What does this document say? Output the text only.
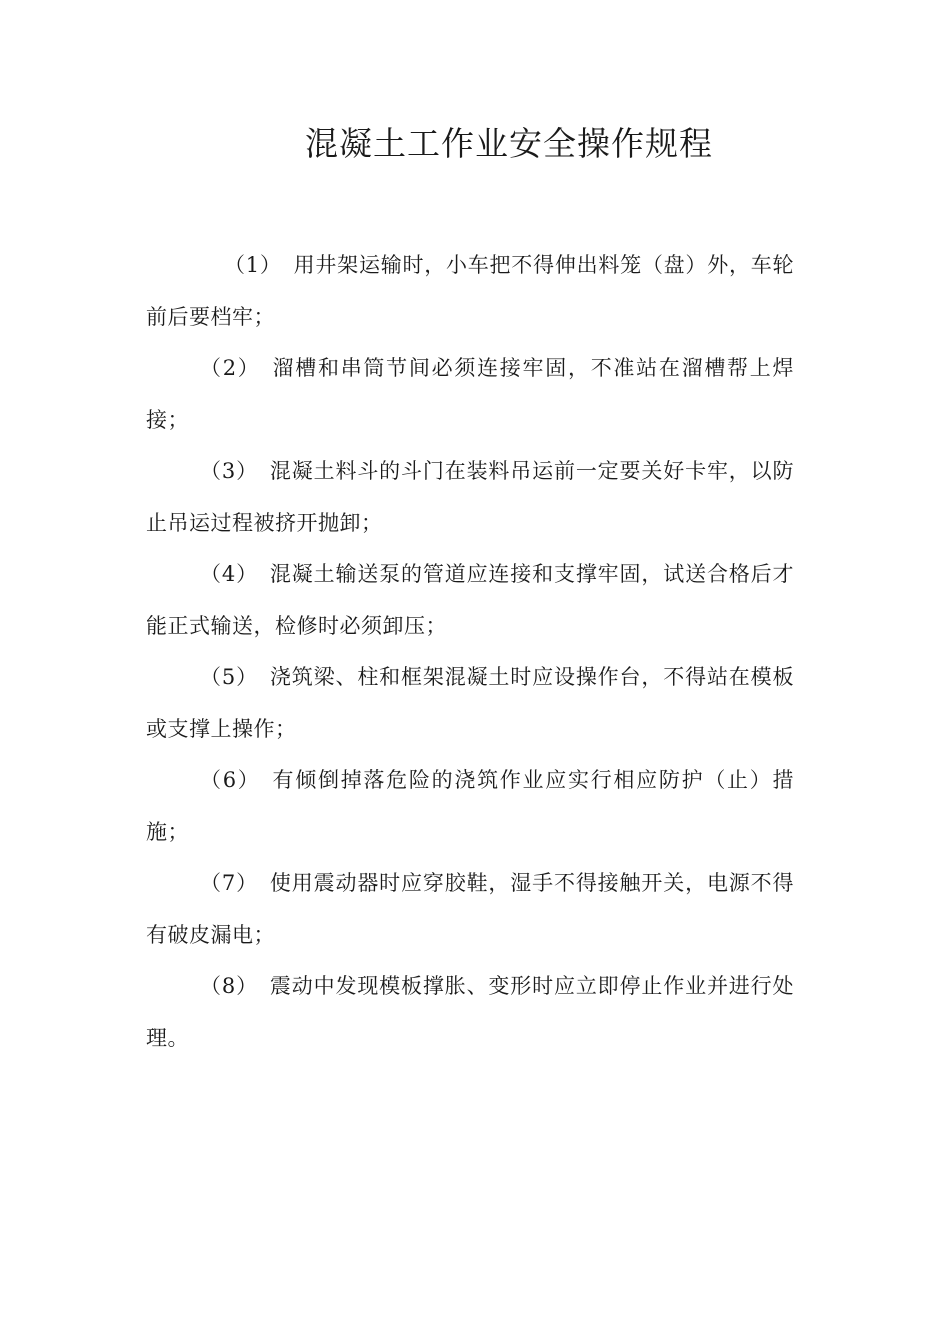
混凝土工作业安全操作规程

（1） 用井架运输时，小车把不得伸出料笼（盘）外，车轮前后要档牢；

（2） 溜槽和串筒节间必须连接牢固，不准站在溜槽帮上焊接；

（3） 混凝土料斗的斗门在装料吊运前一定要关好卡牢，以防止吊运过程被挤开抛卸；

（4） 混凝土输送泵的管道应连接和支撑牢固，试送合格后才能正式输送，检修时必须卸压；

（5） 浇筑梁、柱和框架混凝土时应设操作台，不得站在模板或支撑上操作；

（6） 有倾倒掉落危险的浇筑作业应实行相应防护（止）措施；

（7） 使用震动器时应穿胶鞋，湿手不得接触开关，电源不得有破皮漏电；

（8） 震动中发现模板撑胀、变形时应立即停止作业并进行处理。
